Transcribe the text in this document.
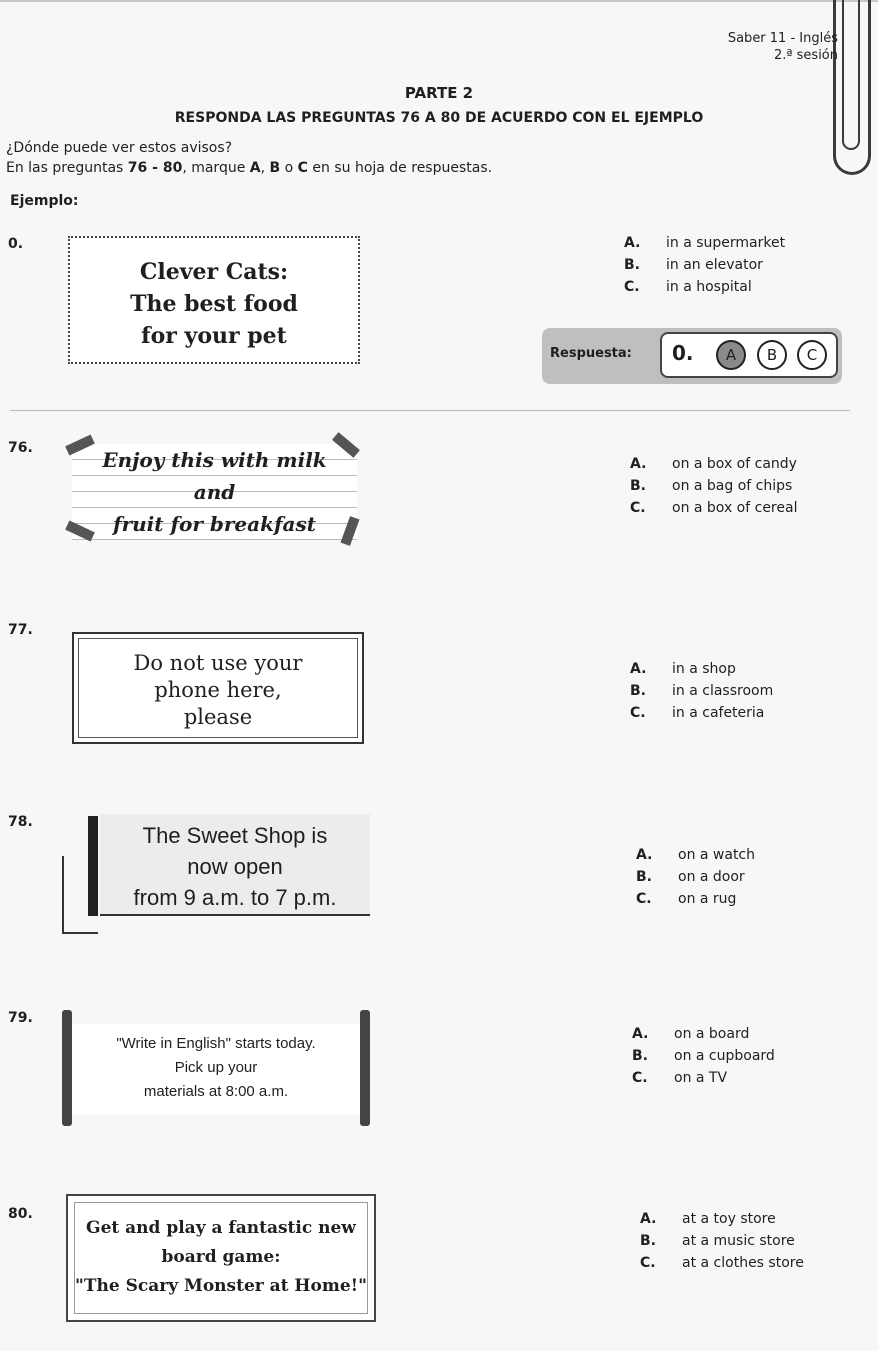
Saber 11 - Inglés
2.ª sesión
PARTE 2
RESPONDA LAS PREGUNTAS 76 A 80 DE ACUERDO CON EL EJEMPLO
¿Dónde puede ver estos avisos?
En las preguntas 76 - 80, marque A, B o C en su hoja de respuestas.
Ejemplo:
0.
Clever Cats:
The best food
for your pet
A. in a supermarket
B. in an elevator
C. in a hospital
Respuesta: 0.	A	B	C
76.	Enjoy this with milk
and
fruit for breakfast
A. on a box of candy
B. on a bag of chips
C. on a box of cereal
77.
Do not use your
phone here,
please
A. in a shop
B. in a classroom
C. in a cafeteria
78.
The Sweet Shop is
now open
from 9 a.m. to 7 p.m.
A. on a watch
B. on a door
C. on a rug
79.
"Write in English" starts today.
Pick up your
materials at 8:00 a.m.
A. on a board
B. on a cupboard
C. on a TV
80.
Get and play a fantastic new
board game:
"The Scary Monster at Home!"
A. at a toy store
B. at a music store
C. at a clothes store
